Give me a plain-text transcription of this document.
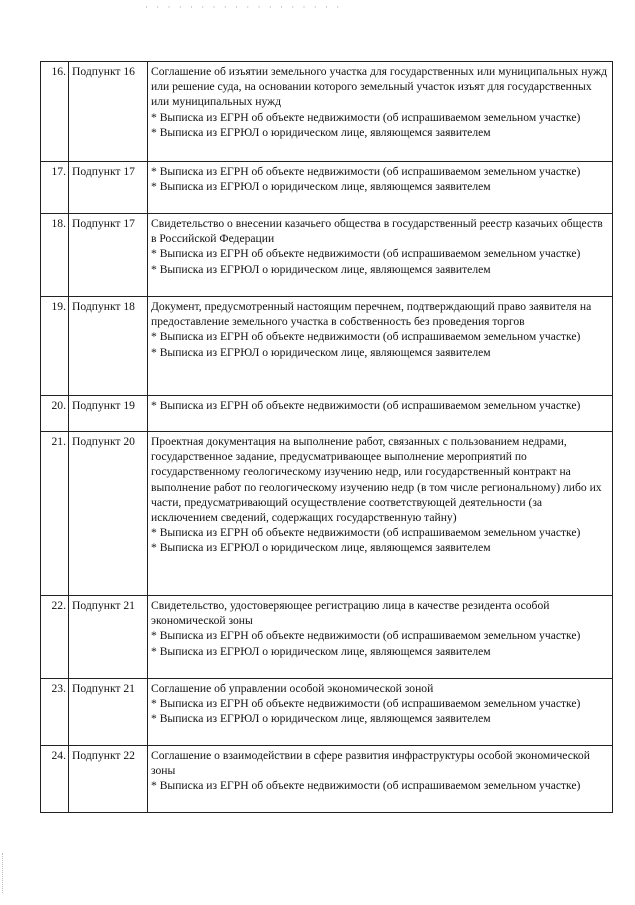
· · · · · · · · · · · · · · · · · ·
16.	Подпункт 16	Соглашение об изъятии земельного участка для государственных или муниципальных нужд или решение суда, на основании которого земельный участок изъят для государственных или муниципальных нужд
* Выписка из ЕГРН об объекте недвижимости (об испрашиваемом земельном участке)
* Выписка из ЕГРЮЛ о юридическом лице, являющемся заявителем

17.	Подпункт 17	* Выписка из ЕГРН об объекте недвижимости (об испрашиваемом земельном участке)
* Выписка из ЕГРЮЛ о юридическом лице, являющемся заявителем

18.	Подпункт 17	Свидетельство о внесении казачьего общества в государственный реестр казачьих обществ в Российской Федерации
* Выписка из ЕГРН об объекте недвижимости (об испрашиваемом земельном участке)
* Выписка из ЕГРЮЛ о юридическом лице, являющемся заявителем

19.	Подпункт 18	Документ, предусмотренный настоящим перечнем, подтверждающий право заявителя на предоставление земельного участка в собственность без проведения торгов
* Выписка из ЕГРН об объекте недвижимости (об испрашиваемом земельном участке)
* Выписка из ЕГРЮЛ о юридическом лице, являющемся заявителем

20.	Подпункт 19	* Выписка из ЕГРН об объекте недвижимости (об испрашиваемом земельном участке)

21.	Подпункт 20	Проектная документация на выполнение работ, связанных с пользованием недрами, государственное задание, предусматривающее выполнение мероприятий по государственному геологическому изучению недр, или государственный контракт на выполнение работ по геологическому изучению недр (в том числе региональному) либо их части, предусматривающий осуществление соответствующей деятельности (за исключением сведений, содержащих государственную тайну)
* Выписка из ЕГРН об объекте недвижимости (об испрашиваемом земельном участке)
* Выписка из ЕГРЮЛ о юридическом лице, являющемся заявителем

22.	Подпункт 21	Свидетельство, удостоверяющее регистрацию лица в качестве резидента особой экономической зоны
* Выписка из ЕГРН об объекте недвижимости (об испрашиваемом земельном участке)
* Выписка из ЕГРЮЛ о юридическом лице, являющемся заявителем

23.	Подпункт 21	Соглашение об управлении особой экономической зоной
* Выписка из ЕГРН об объекте недвижимости (об испрашиваемом земельном участке)
* Выписка из ЕГРЮЛ о юридическом лице, являющемся заявителем

24.	Подпункт 22	Соглашение о взаимодействии в сфере развития инфраструктуры особой экономической зоны
* Выписка из ЕГРН об объекте недвижимости (об испрашиваемом земельном участке)
